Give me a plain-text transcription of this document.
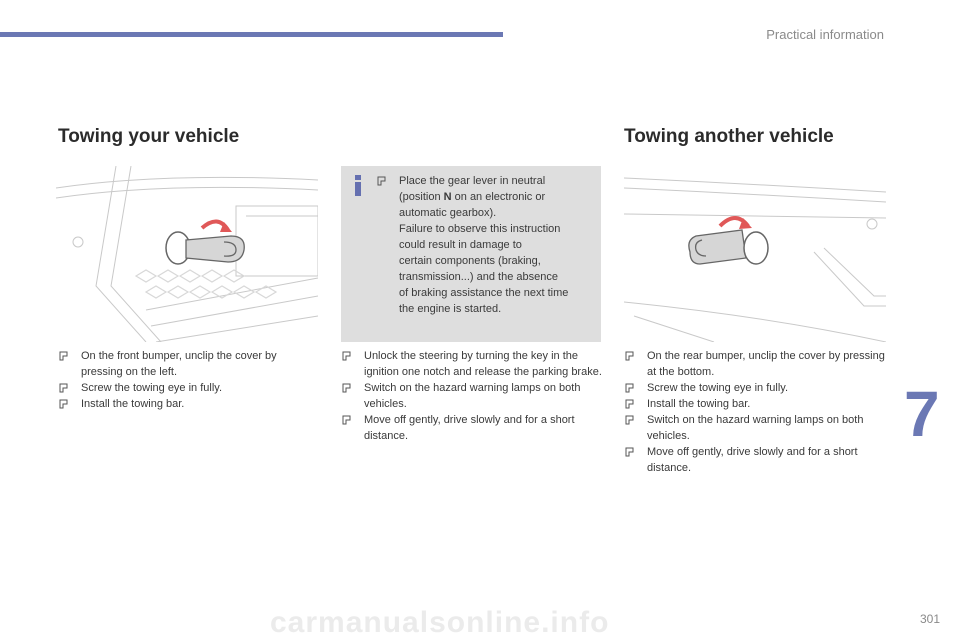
Practical information
Towing your vehicle	Towing another vehicle
Place the gear lever in neutral
(position N on an electronic or
automatic gearbox).
Failure to observe this instruction
could result in damage to
certain components (braking,
transmission...) and the absence
of braking assistance the next time
the engine is started.
On the front bumper, unclip the cover by pressing on the left.
Screw the towing eye in fully.
Install the towing bar.
Unlock the steering by turning the key in the ignition one notch and release the parking brake.
Switch on the hazard warning lamps on both vehicles.
Move off gently, drive slowly and for a short distance.
On the rear bumper, unclip the cover by pressing at the bottom.
Screw the towing eye in fully.
Install the towing bar.
Switch on the hazard warning lamps on both vehicles.
Move off gently, drive slowly and for a short distance.
7
carmanualsonline.info	301
